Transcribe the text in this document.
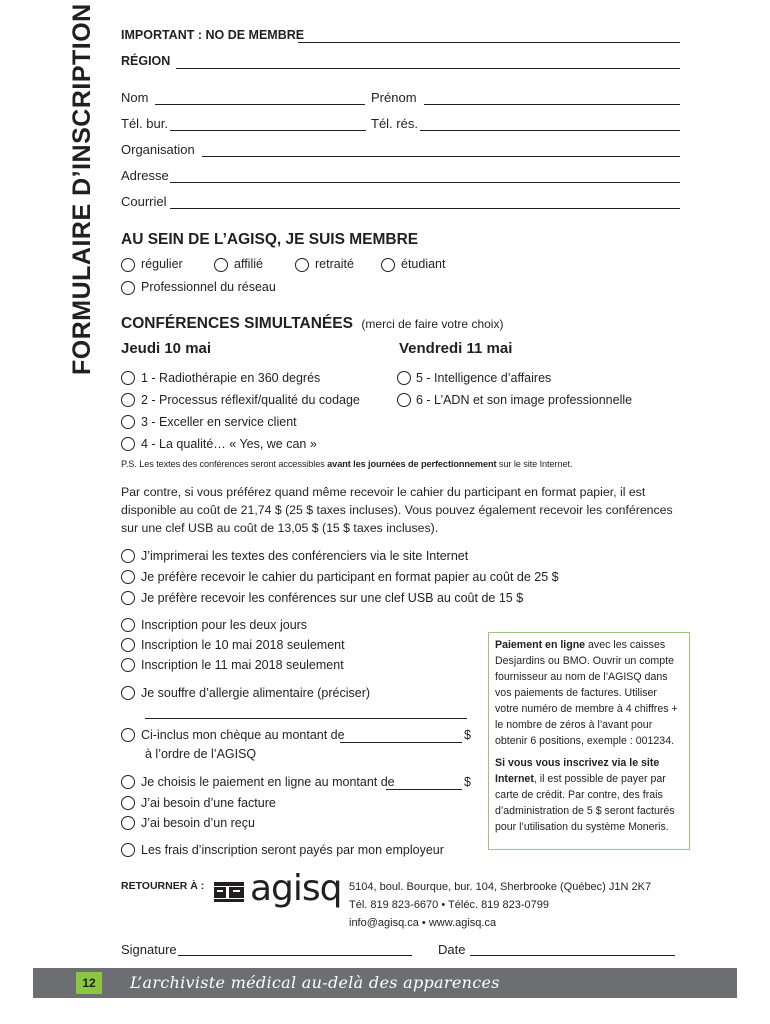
FORMULAIRE D’INSCRIPTION	IMPORTANT : NO DE MEMBRE
RÉGION
Nom	Prénom
Tél. bur.	Tél. rés.
Organisation
Adresse
Courriel
AU SEIN DE L’AGISQ, JE SUIS MEMBRE
régulier	affilié	retraité	étudiant
Professionnel du réseau
CONFÉRENCES SIMULTANÉES (merci de faire votre choix)
Jeudi 10 mai	Vendredi 11 mai
1 - Radiothérapie en 360 degrés
2 - Processus réflexif/qualité du codage
3 - Exceller en service client
4 - La qualité… « Yes, we can »
5 - Intelligence d’affaires
6 - L’ADN et son image professionnelle
P.S. Les textes des conférences seront accessibles avant les journées de perfectionnement sur le site Internet.
Par contre, si vous préférez quand même recevoir le cahier du participant en format papier, il est disponible au coût de 21,74 $ (25 $ taxes incluses). Vous pouvez également recevoir les conférences sur une clef USB au coût de 13,05 $ (15 $ taxes incluses).
J’imprimerai les textes des conférenciers via le site Internet
Je préfère recevoir le cahier du participant en format papier au coût de 25 $
Je préfère recevoir les conférences sur une clef USB au coût de 15 $
Inscription pour les deux jours
Inscription le 10 mai 2018 seulement
Inscription le 11 mai 2018 seulement
Je souffre d’allergie alimentaire (préciser)
Ci-inclus mon chèque au montant de	$
à l’ordre de l’AGISQ
Je choisis le paiement en ligne au montant de	$
J’ai besoin d’une facture
J’ai besoin d’un reçu
Les frais d’inscription seront payés par mon employeur
Paiement en ligne avec les caisses Desjardins ou BMO. Ouvrir un compte fournisseur au nom de l’AGISQ dans vos paiements de factures. Utiliser votre numéro de membre à 4 chiffres + le nombre de zéros à l’avant pour obtenir 6 positions, exemple : 001234.
Si vous vous inscrivez via le site Internet, il est possible de payer par carte de crédit. Par contre, des frais d’administration de 5 $ seront facturés pour l’utilisation du système Moneris.
RETOURNER À : agisq 5104, boul. Bourque, bur. 104, Sherbrooke (Québec) J1N 2K7
Tél. 819 823-6670 • Téléc. 819 823-0799
info@agisq.ca • www.agisq.ca
Signature	Date
12	L’archiviste médical au-delà des apparences
